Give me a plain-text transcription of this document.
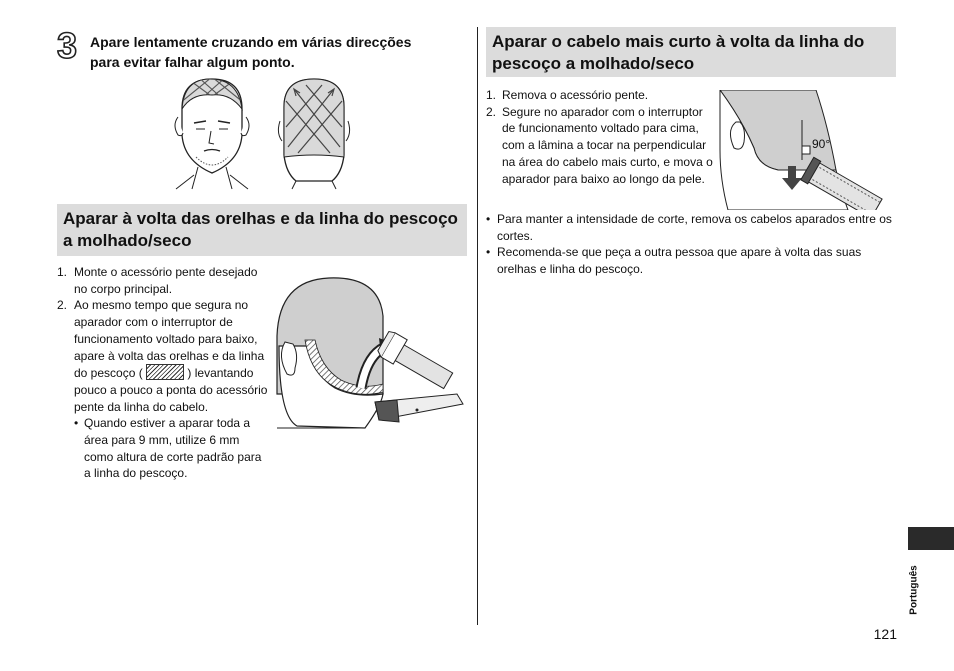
3 Apare lentamente cruzando em várias direcções
para evitar falhar algum ponto.
Aparar à volta das orelhas e da linha do pescoço a molhado/seco
1. Monte o acessório pente desejado no corpo principal.
2. Ao mesmo tempo que segura no aparador com o interruptor de funcionamento voltado para baixo, apare à volta das orelhas e da linha do pescoço (	) levantando pouco a pouco a ponta do acessório pente da linha do cabelo.
• Quando estiver a aparar toda a área para 9 mm, utilize 6 mm como altura de corte padrão para a linha do pescoço.
Aparar o cabelo mais curto à volta da linha do pescoço a molhado/seco
1. Remova o acessório pente.
2. Segure no aparador com o interruptor de funcionamento voltado para cima, com a lâmina a tocar na perpendicular na área do cabelo mais curto, e mova o aparador para baixo ao longo da pele.
90°
• Para manter a intensidade de corte, remova os cabelos aparados entre os cortes.
• Recomenda-se que peça a outra pessoa que apare à volta das suas orelhas e linha do pescoço.
Português
121
